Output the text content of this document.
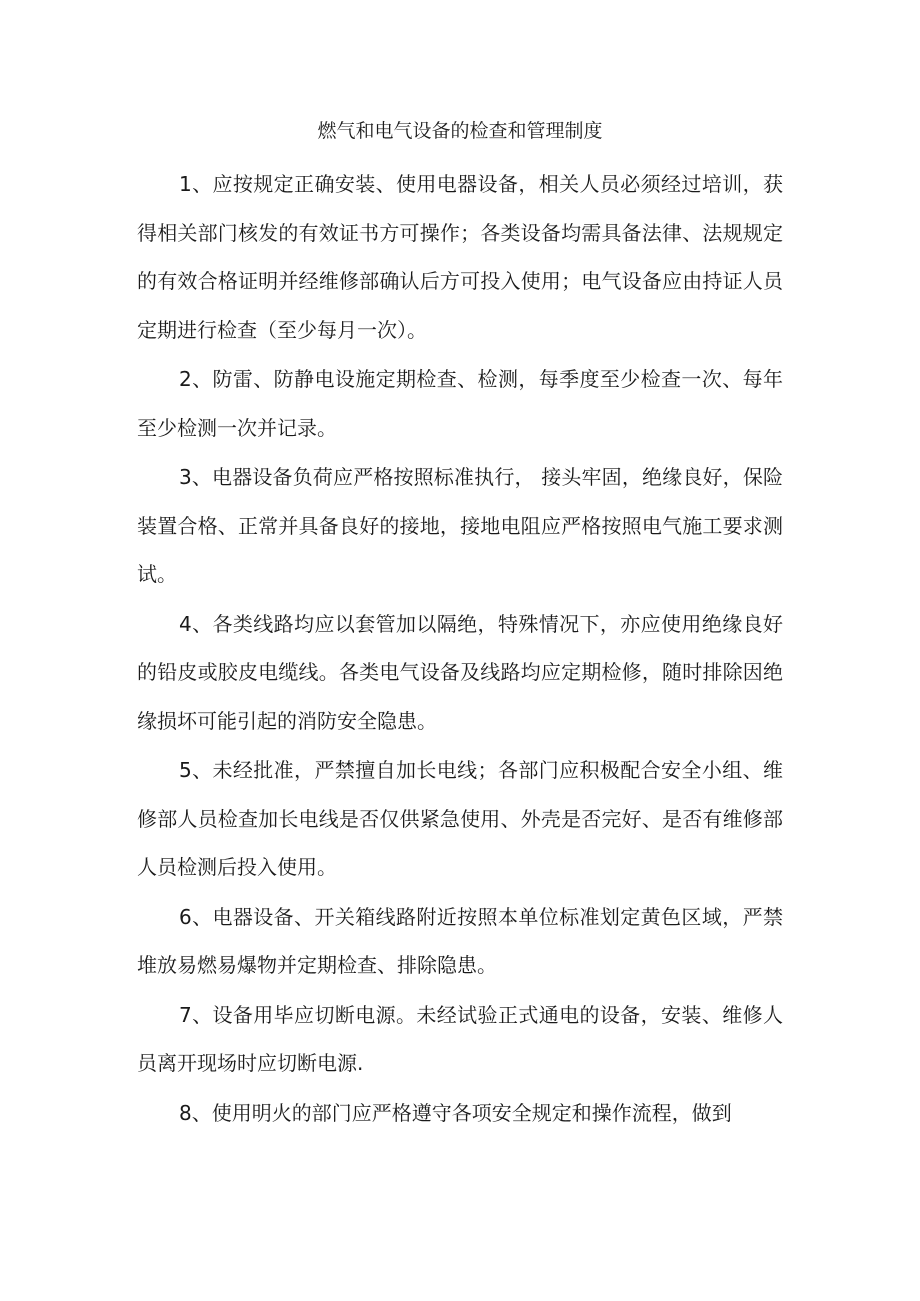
燃气和电气设备的检查和管理制度

1、应按规定正确安装、使用电器设备，相关人员必须经过培训，获得相关部门核发的有效证书方可操作；各类设备均需具备法律、法规规定的有效合格证明并经维修部确认后方可投入使用；电气设备应由持证人员定期进行检查（至少每月一次）。

2、防雷、防静电设施定期检查、检测，每季度至少检查一次、每年至少检测一次并记录。

3、电器设备负荷应严格按照标准执行， 接头牢固，绝缘良好，保险装置合格、正常并具备良好的接地，接地电阻应严格按照电气施工要求测试。

4、各类线路均应以套管加以隔绝，特殊情况下，亦应使用绝缘良好的铅皮或胶皮电缆线。各类电气设备及线路均应定期检修，随时排除因绝缘损坏可能引起的消防安全隐患。

5、未经批准，严禁擅自加长电线；各部门应积极配合安全小组、维修部人员检查加长电线是否仅供紧急使用、外壳是否完好、是否有维修部人员检测后投入使用。

6、电器设备、开关箱线路附近按照本单位标准划定黄色区域，严禁堆放易燃易爆物并定期检查、排除隐患。

7、设备用毕应切断电源。未经试验正式通电的设备，安装、维修人员离开现场时应切断电源.

8、使用明火的部门应严格遵守各项安全规定和操作流程，做到
